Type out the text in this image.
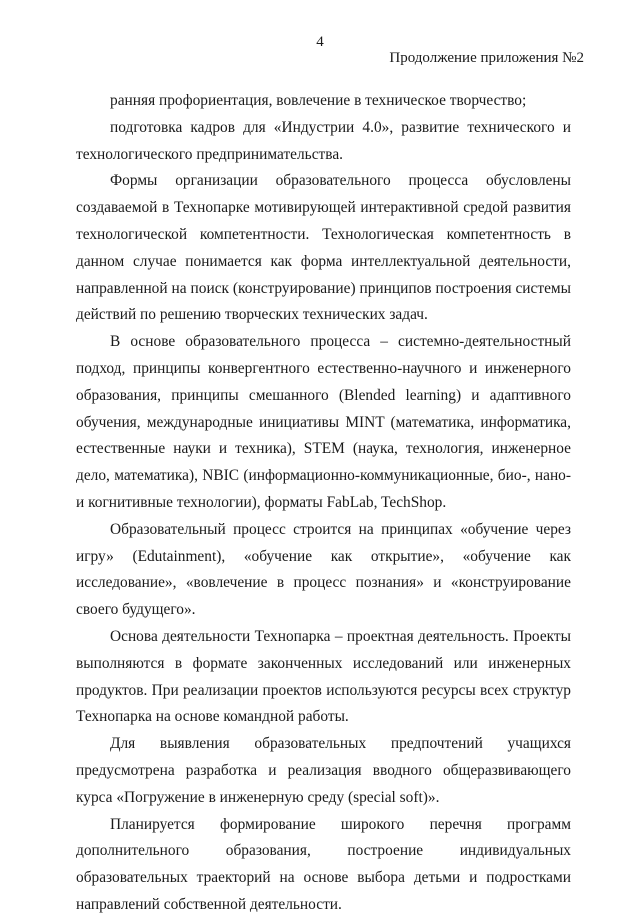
4
Продолжение приложения №2

ранняя профориентация, вовлечение в техническое творчество;

подготовка кадров для «Индустрии 4.0», развитие технического и технологического предпринимательства.

Формы организации образовательного процесса обусловлены создаваемой в Технопарке мотивирующей интерактивной средой развития технологической компетентности. Технологическая компетентность в данном случае понимается как форма интеллектуальной деятельности, направленной на поиск (конструирование) принципов построения системы действий по решению творческих технических задач.

В основе образовательного процесса – системно-деятельностный подход, принципы конвергентного естественно-научного и инженерного образования, принципы смешанного (Blended learning) и адаптивного обучения, международные инициативы MINT (математика, информатика, естественные науки и техника), STEM (наука, технология, инженерное дело, математика), NBIC (информационно-коммуникационные, био-, нано- и когнитивные технологии), форматы FabLab, TechShop.

Образовательный процесс строится на принципах «обучение через игру» (Edutainment), «обучение как открытие», «обучение как исследование», «вовлечение в процесс познания» и «конструирование своего будущего».

Основа деятельности Технопарка – проектная деятельность. Проекты выполняются в формате законченных исследований или инженерных продуктов. При реализации проектов используются ресурсы всех структур Технопарка на основе командной работы.

Для выявления образовательных предпочтений учащихся предусмотрена разработка и реализация вводного общеразвивающего курса «Погружение в инженерную среду (special soft)».

Планируется формирование широкого перечня программ дополнительного образования, построение индивидуальных образовательных траекторий на основе выбора детьми и подростками направлений собственной деятельности.
